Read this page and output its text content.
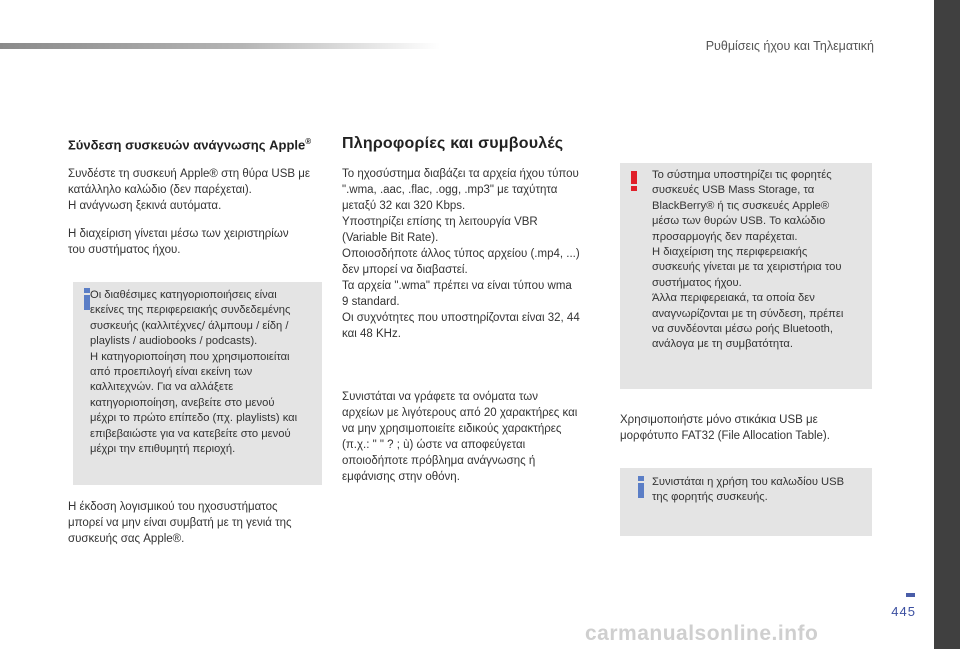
Ρυθμίσεις ήχου και Τηλεματική
Σύνδεση συσκευών ανάγνωσης Apple®

Συνδέστε τη συσκευή Apple® στη θύρα USB με
κατάλληλο καλώδιο (δεν παρέχεται).
Η ανάγνωση ξεκινά αυτόματα.

Η διαχείριση γίνεται μέσω των χειριστηρίων
του συστήματος ήχου.

Οι διαθέσιμες κατηγοριοποιήσεις είναι
εκείνες της περιφερειακής συνδεδεμένης
συσκευής (καλλιτέχνες/ άλμπουμ / είδη /
playlists / audiobooks / podcasts).
Η κατηγοριοποίηση που χρησιμοποιείται
από προεπιλογή είναι εκείνη των
καλλιτεχνών. Για να αλλάξετε
κατηγοριοποίηση, ανεβείτε στο μενού
μέχρι το πρώτο επίπεδο (πχ. playlists) και
επιβεβαιώστε για να κατεβείτε στο μενού
μέχρι την επιθυμητή περιοχή.

Η έκδοση λογισμικού του ηχοσυστήματος
μπορεί να μην είναι συμβατή με τη γενιά της
συσκευής σας Apple®.

Πληροφορίες και συμβουλές

Το ηχοσύστημα διαβάζει τα αρχεία ήχου τύπου
".wma, .aac, .flac, .ogg, .mp3" με ταχύτητα
μεταξύ 32 και 320 Kbps.
Υποστηρίζει επίσης τη λειτουργία VBR
(Variable Bit Rate).
Οποιοσδήποτε άλλος τύπος αρχείου (.mp4, ...)
δεν μπορεί να διαβαστεί.
Τα αρχεία ".wma" πρέπει να είναι τύπου wma
9 standard.
Οι συχνότητες που υποστηρίζονται είναι 32, 44
και 48 KHz.

Συνιστάται να γράφετε τα ονόματα των
αρχείων με λιγότερους από 20 χαρακτήρες και
να μην χρησιμοποιείτε ειδικούς χαρακτήρες
(π.χ.: " " ? ; ù) ώστε να αποφεύγεται
οποιοδήποτε πρόβλημα ανάγνωσης ή
εμφάνισης στην οθόνη.

Το σύστημα υποστηρίζει τις φορητές
συσκευές USB Mass Storage, τα
BlackBerry® ή τις συσκευές Apple®
μέσω των θυρών USB. Το καλώδιο
προσαρμογής δεν παρέχεται.
Η διαχείριση της περιφερειακής
συσκευής γίνεται με τα χειριστήρια του
συστήματος ήχου.
Άλλα περιφερειακά, τα οποία δεν
αναγνωρίζονται με τη σύνδεση, πρέπει
να συνδέονται μέσω ροής Bluetooth,
ανάλογα με τη συμβατότητα.

Χρησιμοποιήστε μόνο στικάκια USB με
μορφότυπο FAT32 (File Allocation Table).

Συνιστάται η χρήση του καλωδίου USB
της φορητής συσκευής.

445
carmanualsonline.info
